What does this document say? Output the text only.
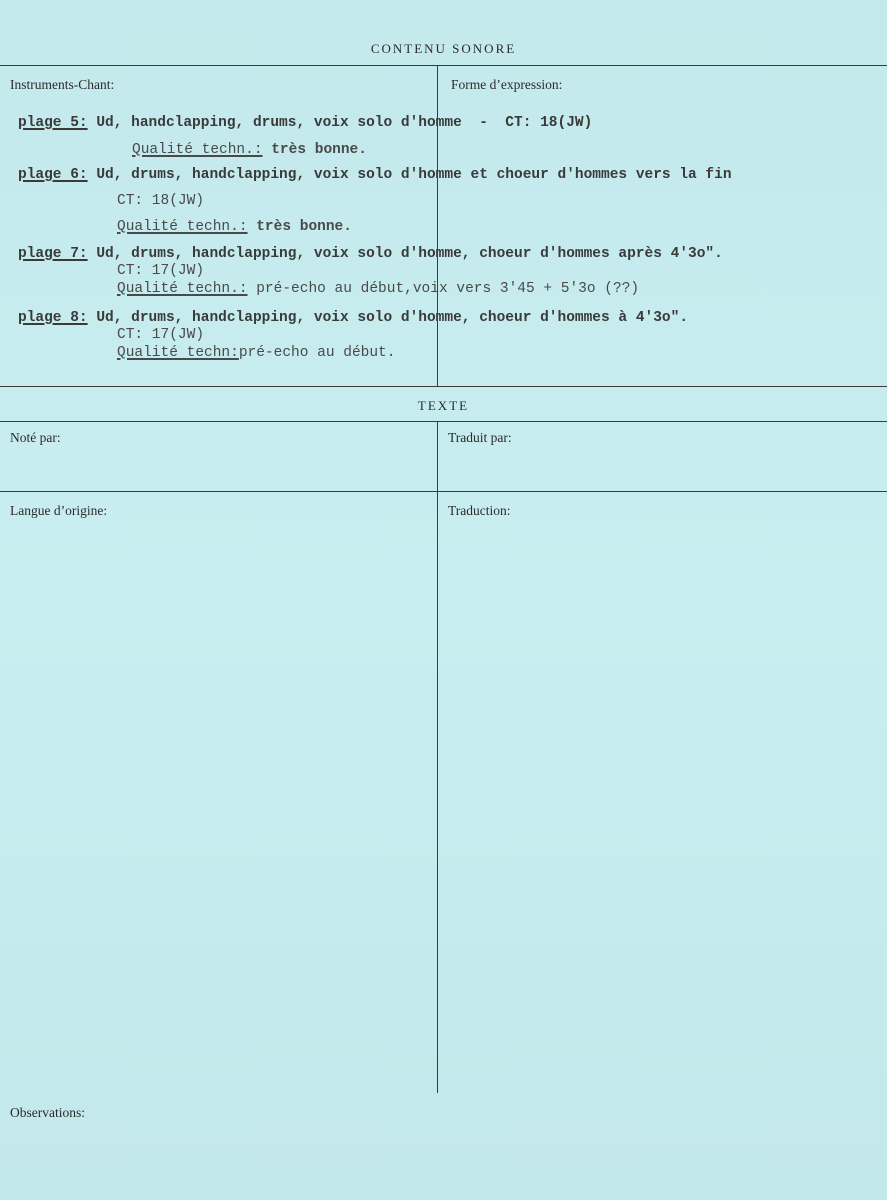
CONTENU SONORE
Instruments-Chant:	Forme d’expression:
plage 5: Ud, handclapping, drums, voix solo d'homme  -  CT: 18(JW)
Qualité techn.: très bonne.
plage 6: Ud, drums, handclapping, voix solo d'homme et choeur d'hommes vers la fin
CT: 18(JW)
Qualité techn.: très bonne.
plage 7: Ud, drums, handclapping, voix solo d'homme, choeur d'hommes après 4'3o".
CT: 17(JW)
Qualité techn.: pré-echo au début,voix vers 3'45 + 5'3o (??)
plage 8: Ud, drums, handclapping, voix solo d'homme, choeur d'hommes à 4'3o".
CT: 17(JW)
Qualité techn:pré-echo au début.
TEXTE
Noté par:	Traduit par:
Langue d’origine:	Traduction:
Observations:
